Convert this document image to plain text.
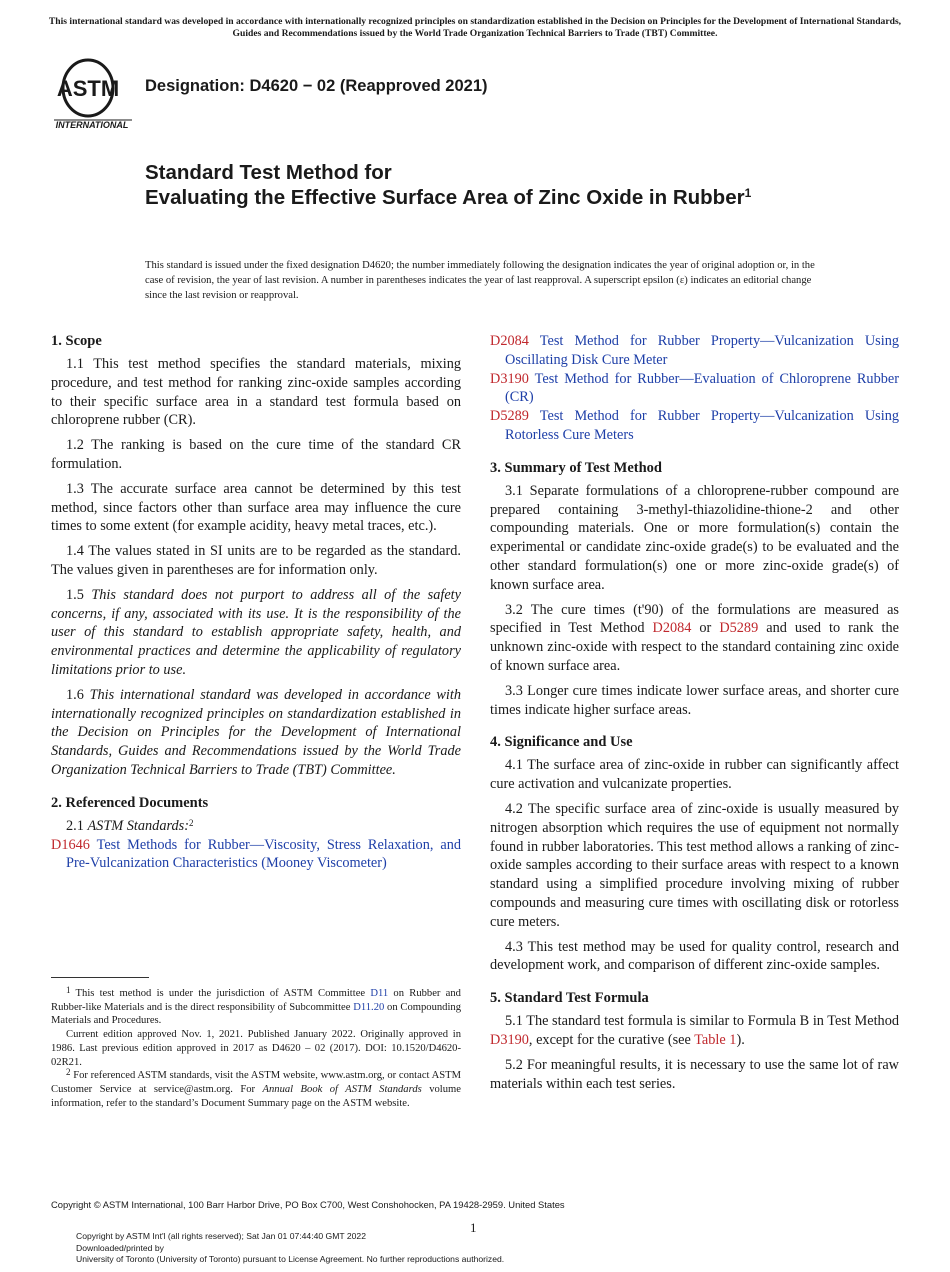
This international standard was developed in accordance with internationally recognized principles on standardization established in the Decision on Principles for the Development of International Standards, Guides and Recommendations issued by the World Trade Organization Technical Barriers to Trade (TBT) Committee.
ASTM
INTERNATIONAL
Designation: D4620 − 02 (Reapproved 2021)
Standard Test Method for
Evaluating the Effective Surface Area of Zinc Oxide in Rubber$^1$
This standard is issued under the fixed designation D4620; the number immediately following the designation indicates the year of original adoption or, in the case of revision, the year of last revision. A number in parentheses indicates the year of last reapproval. A superscript epsilon (ε) indicates an editorial change since the last revision or reapproval.
1. Scope

1.1 This test method specifies the standard materials, mixing procedure, and test method for ranking zinc-oxide samples according to their specific surface area in a standard test formula based on chloroprene rubber (CR).

1.2 The ranking is based on the cure time of the standard CR formulation.

1.3 The accurate surface area cannot be determined by this test method, since factors other than surface area may influence the cure times to some extent (for example acidity, heavy metal traces, etc.).

1.4 The values stated in SI units are to be regarded as the standard. The values given in parentheses are for information only.

1.5 This standard does not purport to address all of the safety concerns, if any, associated with its use. It is the responsibility of the user of this standard to establish appropriate safety, health, and environmental practices and determine the applicability of regulatory limitations prior to use.

1.6 This international standard was developed in accordance with internationally recognized principles on standardization established in the Decision on Principles for the Development of International Standards, Guides and Recommendations issued by the World Trade Organization Technical Barriers to Trade (TBT) Committee.

2. Referenced Documents

2.1 ASTM Standards:$^2$

D1646 Test Methods for Rubber—Viscosity, Stress Relaxation, and Pre-Vulcanization Characteristics (Mooney Viscometer)

$^1$ This test method is under the jurisdiction of ASTM Committee D11 on Rubber and Rubber-like Materials and is the direct responsibility of Subcommittee D11.20 on Compounding Materials and Procedures.

Current edition approved Nov. 1, 2021. Published January 2022. Originally approved in 1986. Last previous edition approved in 2017 as D4620 – 02 (2017). DOI: 10.1520/D4620-02R21.

$^2$ For referenced ASTM standards, visit the ASTM website, www.astm.org, or contact ASTM Customer Service at service@astm.org. For Annual Book of ASTM Standards volume information, refer to the standard’s Document Summary page on the ASTM website.

D2084 Test Method for Rubber Property—Vulcanization Using Oscillating Disk Cure Meter
D3190 Test Method for Rubber—Evaluation of Chloroprene Rubber (CR)
D5289 Test Method for Rubber Property—Vulcanization Using Rotorless Cure Meters
3. Summary of Test Method

3.1 Separate formulations of a chloroprene-rubber compound are prepared containing 3-methyl-thiazolidine-thione-2 and other compounding materials. One or more formulation(s) contain the experimental or candidate zinc-oxide grade(s) to be evaluated and the other standard formulation(s) one or more zinc-oxide grade(s) of known surface area.

3.2 The cure times (t'90) of the formulations are measured as specified in Test Method D2084 or D5289 and used to rank the unknown zinc-oxide with respect to the standard containing zinc oxide of known surface area.

3.3 Longer cure times indicate lower surface areas, and shorter cure times indicate higher surface areas.

4. Significance and Use

4.1 The surface area of zinc-oxide in rubber can significantly affect cure activation and vulcanizate properties.

4.2 The specific surface area of zinc-oxide is usually measured by nitrogen absorption which requires the use of equipment not normally found in rubber laboratories. This test method allows a ranking of zinc-oxide samples according to their surface areas with respect to a known standard using a simplified procedure involving mixing of rubber compounds and measuring cure times with oscillating disk or rotorless cure meters.

4.3 This test method may be used for quality control, research and development work, and comparison of different zinc-oxide samples.

5. Standard Test Formula

5.1 The standard test formula is similar to Formula B in Test Method D3190, except for the curative (see Table 1).

5.2 For meaningful results, it is necessary to use the same lot of raw materials within each test series.

Copyright © ASTM International, 100 Barr Harbor Drive, PO Box C700, West Conshohocken, PA 19428-2959. United States
1
Copyright by ASTM Int'l (all rights reserved); Sat Jan 01 07:44:40 GMT 2022
Downloaded/printed by
University of Toronto (University of Toronto) pursuant to License Agreement. No further reproductions authorized.
